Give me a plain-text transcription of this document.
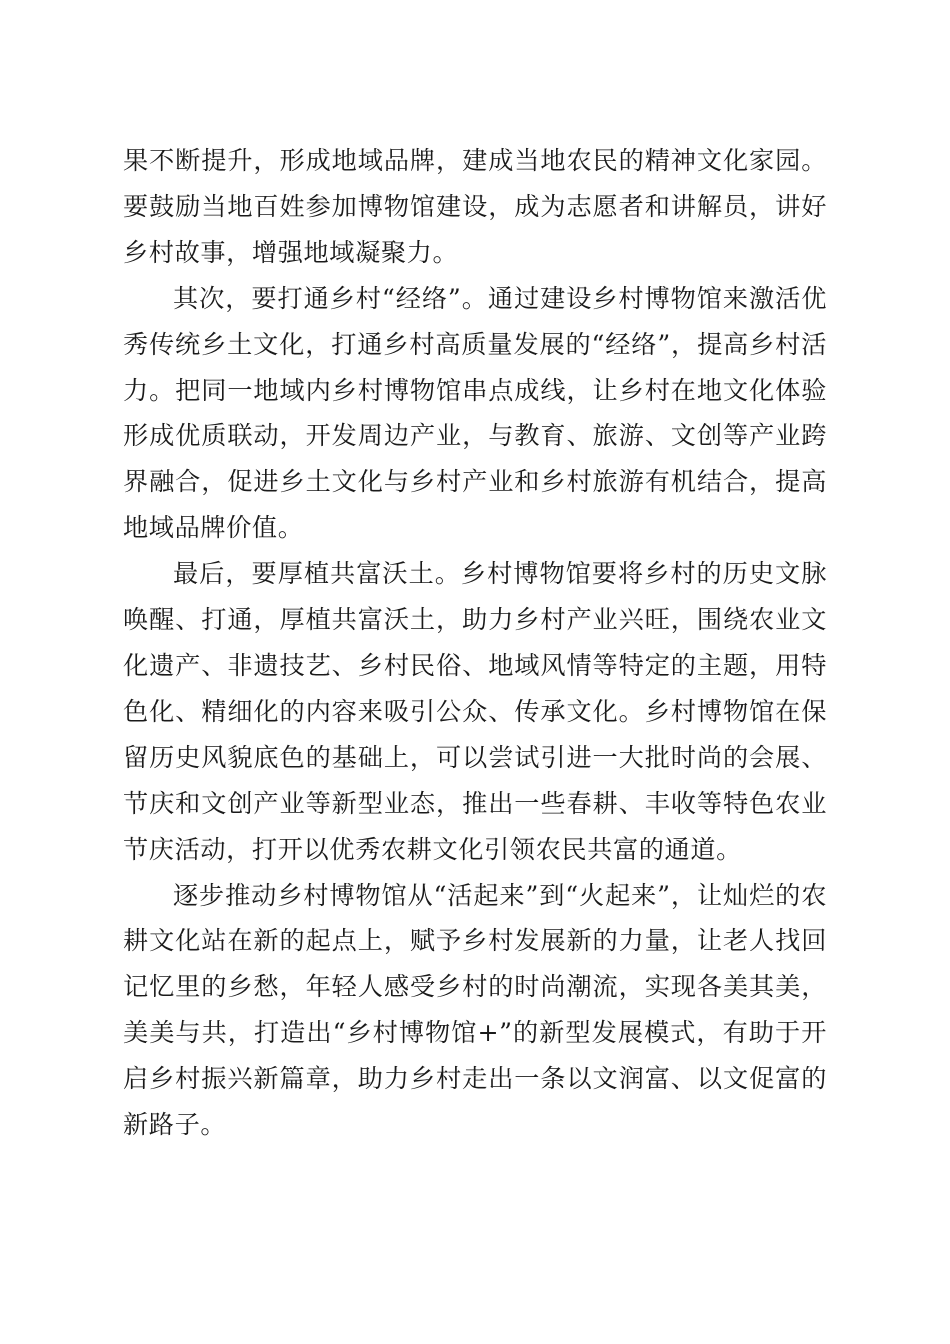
果不断提升，形成地域品牌，建成当地农民的精神文化家园。要鼓励当地百姓参加博物馆建设，成为志愿者和讲解员，讲好乡村故事，增强地域凝聚力。

其次，要打通乡村“经络”。通过建设乡村博物馆来激活优秀传统乡土文化，打通乡村高质量发展的“经络”，提高乡村活力。把同一地域内乡村博物馆串点成线，让乡村在地文化体验形成优质联动，开发周边产业，与教育、旅游、文创等产业跨界融合，促进乡土文化与乡村产业和乡村旅游有机结合，提高地域品牌价值。

最后，要厚植共富沃土。乡村博物馆要将乡村的历史文脉唤醒、打通，厚植共富沃土，助力乡村产业兴旺，围绕农业文化遗产、非遗技艺、乡村民俗、地域风情等特定的主题，用特色化、精细化的内容来吸引公众、传承文化。乡村博物馆在保留历史风貌底色的基础上，可以尝试引进一大批时尚的会展、节庆和文创产业等新型业态，推出一些春耕、丰收等特色农业节庆活动，打开以优秀农耕文化引领农民共富的通道。

逐步推动乡村博物馆从“活起来”到“火起来”，让灿烂的农耕文化站在新的起点上，赋予乡村发展新的力量，让老人找回记忆里的乡愁，年轻人感受乡村的时尚潮流，实现各美其美，美美与共，打造出“乡村博物馆+”的新型发展模式，有助于开启乡村振兴新篇章，助力乡村走出一条以文润富、以文促富的新路子。
